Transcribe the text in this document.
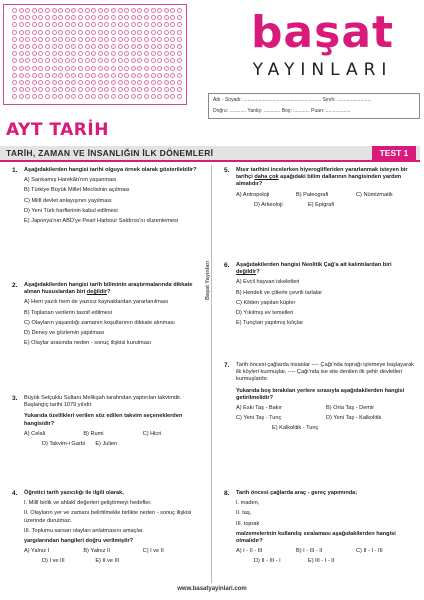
başat
YAYINLARI
Adı - Soyadı: ........................................................ Sınıfı: .........................
Doğru: ............ Yanlış: ............ Boş: ............ Puan: ..................
AYT TARİH
TARİH, ZAMAN VE İNSANLIĞIN İLK DÖNEMLERİ	TEST 1
Başat Yayınları
1. Aşağıdakilerden hangisi tarihi olguya örnek olarak gösterilebilir?
A) Sarıkamış Harekâtı'nın yaşanması
B) Türkiye Büyük Millet Meclisinin açılması
C) Millî devlet anlayışının yayılması
D) Yeni Türk harflerinin kabul edilmesi
E) Japonya'nın ABD'ye Pearl Harbour Saldırısı'nı düzenlemesi
2. Aşağıdakilerden hangisi tarih biliminin araştırmalarında dikkate alınan hususlardan biri değildir?
A) Hem yazılı hem de yazısız kaynaklardan yararlanılması
B) Toplanan verilerin tasnif edilmesi
C) Olayların yaşandığı zamanın koşullarının dikkate alınması
D) Deney ve gözlemin yapılması
E) Olaylar arasında neden - sonuç ilişkisi kurulması
3. Büyük Selçuklu Sultanı Melikşah tarafından yaptırılan takvimdir. Başlangıç tarihi 1079 yılıdır.
Yukarıda özellikleri verilen söz edilen takvim seçeneklerden hangisidir?
A) Celali	B) Rumi	C) Hicri
D) Takvim-i Garbi	E) Julien
4. Öğretici tarih yazıcılığı ile ilgili olarak,
I. Millî birlik ve ahlakî değerleri geliştirmeyi hedefler.
II. Olayların yer ve zamanı belirtilmekle birlikte neden - sonuç ilişkisi üzerinde durulmaz.
III. Toplumu sarsan olayları anlatmasını amaçlar.
yargılarından hangileri doğru verilmiştir?
A) Yalnız I	B) Yalnız II	C) I ve II
D) I ve III	E) II ve III
5. Mısır tarihini incelerken hiyeroglifleriden yararlanmak isteyen bir tarihçi daha çok aşağıdaki bilim dallarının hangisinden yardım almalıdır?
A) Antropoloji	B) Paleografi	C) Nümizmatik
D) Arkeoloji	E) Epigrafi
6. Aşağıdakilerden hangisi Neolitik Çağ'a ait kalıntılardan biri değildir?
A) Evcil hayvan iskeletleri
B) Hendek ve çitlerle çevrili tarlalar
C) Kilden yapılan küpler
D) Yıkılmış ev temelleri
E) Tunçtan yapılmış kılıçlar
7. Tarih öncesi çağlarda insanlar ---- Çağı'nda toprağı işlemeye başlayarak ilk köyleri kurmuşlar, ---- Çağı'nda ise site denilen ilk şehir devletleri kurmuşlardır.
Yukarıda boş bırakılan yerlere sırasıyla aşağıdakilerden hangisi getirilmelidir?
A) Eski Taş - Bakır	B) Orta Taş - Demir
C) Yeni Taş - Tunç	D) Yeni Taş - Kalkolitik
E) Kalkolitik - Tunç
8. Tarih öncesi çağlarda araç - gereç yapımında;
I. maden,
II. taş,
III. toprak
malzemelerinin kullanılış sıralaması aşağıdakilerden hangisi olmalıdır?
A) I - II - III	B) I - III - II	C) II - I - III
D) II - III - I	E) III - I - II
www.basatyayinlari.com
